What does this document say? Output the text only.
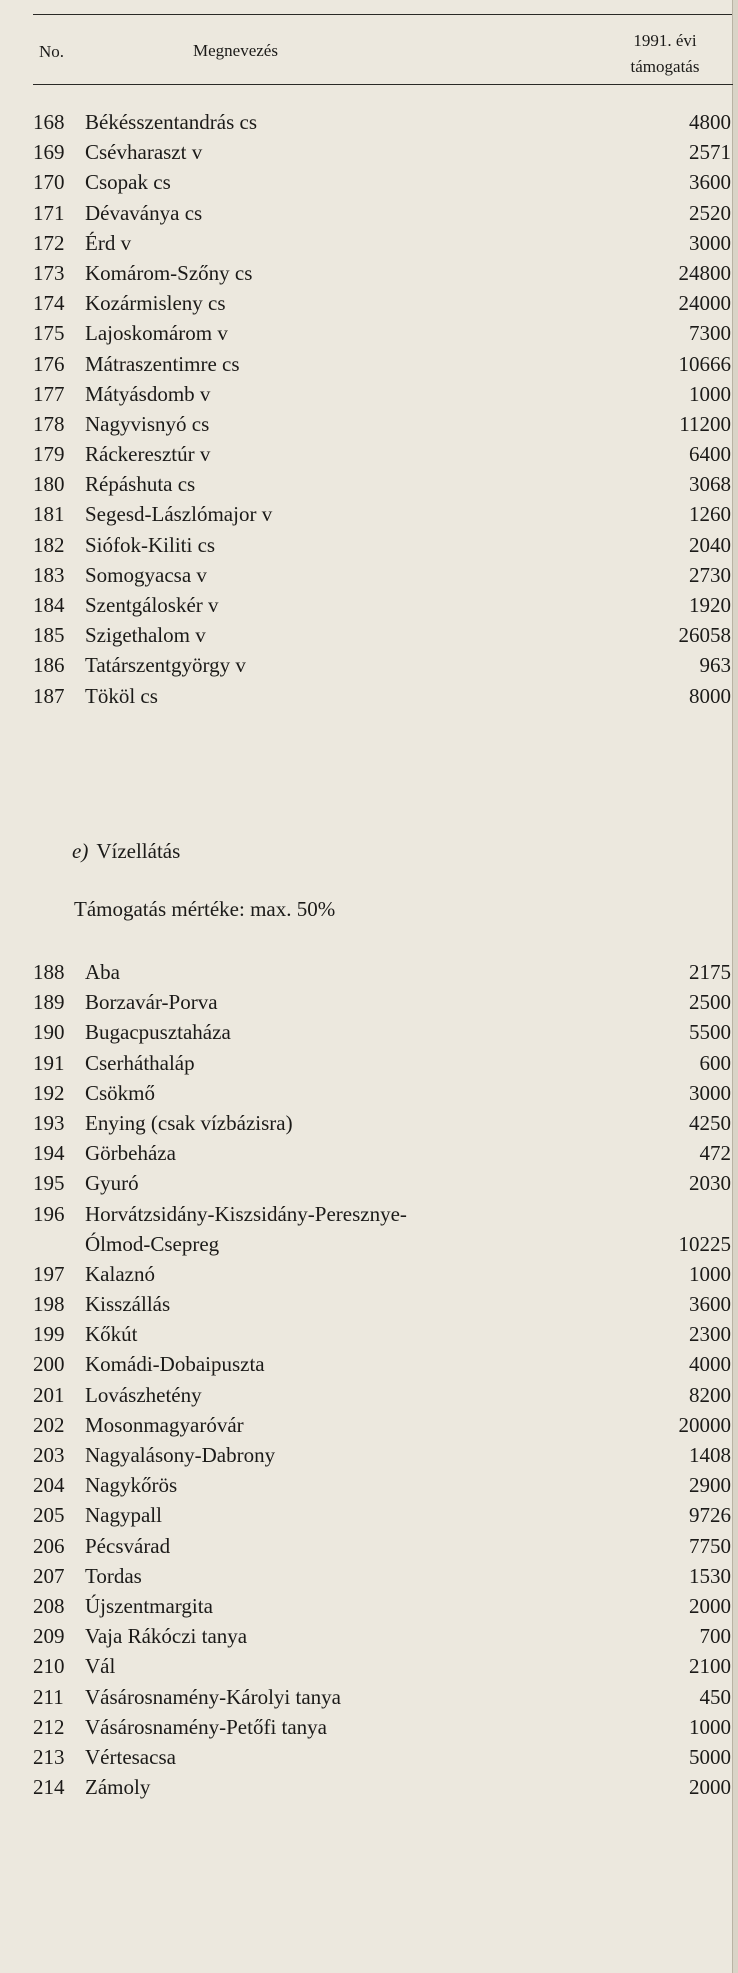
No.	Megnevezés
1991. évi
támogatás
168 Békésszentandrás cs	4800
169 Csévharaszt v	2571
170 Csopak cs	3600
171 Dévaványa cs	2520
172 Érd v	3000
173 Komárom-Szőny cs	24800
174 Kozármisleny cs	24000
175 Lajoskomárom v	7300
176 Mátraszentimre cs	10666
177 Mátyásdomb v	1000
178 Nagyvisnyó cs	11200
179 Ráckeresztúr v	6400
180 Répáshuta cs	3068
181 Segesd-Lászlómajor v	1260
182 Siófok-Kiliti cs	2040
183 Somogyacsa v	2730
184 Szentgáloskér v	1920
185 Szigethalom v	26058
186 Tatárszentgyörgy v	963
187 Tököl cs	8000
e) Vízellátás
Támogatás mértéke: max. 50%
188 Aba	2175
189 Borzavár-Porva	2500
190 Bugacpusztaháza	5500
191 Cserháthaláp	600
192 Csökmő	3000
193 Enying (csak vízbázisra)	4250
194 Görbeháza	472
195 Gyuró	2030
196 Horvátzsidány-Kiszsidány-Peresznye-
Ólmod-Csepreg	10225
197 Kalaznó	1000
198 Kisszállás	3600
199 Kőkút	2300
200 Komádi-Dobaipuszta	4000
201 Lovászhetény	8200
202 Mosonmagyaróvár	20000
203 Nagyalásony-Dabrony	1408
204 Nagykőrös	2900
205 Nagypall	9726
206 Pécsvárad	7750
207 Tordas	1530
208 Újszentmargita	2000
209 Vaja Rákóczi tanya	700
210 Vál	2100
211	Vásárosnamény-Károlyi tanya	450
212 Vásárosnamény-Petőfi tanya	1000
213 Vértesacsa	5000
214 Zámoly	2000
